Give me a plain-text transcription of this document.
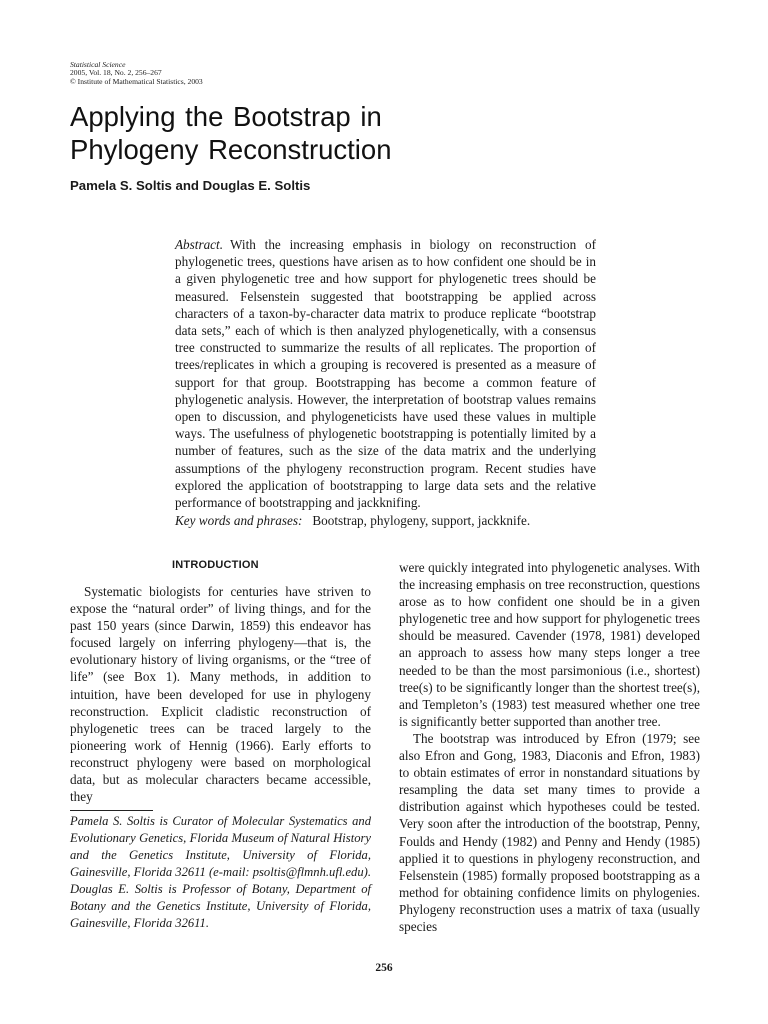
Statistical Science
2005, Vol. 18, No. 2, 256–267
© Institute of Mathematical Statistics, 2003
Applying the Bootstrap in
Phylogeny Reconstruction
Pamela S. Soltis and Douglas E. Soltis
Abstract. With the increasing emphasis in biology on reconstruction of phylogenetic trees, questions have arisen as to how confident one should be in a given phylogenetic tree and how support for phylogenetic trees should be measured. Felsenstein suggested that bootstrapping be applied across characters of a taxon-by-character data matrix to produce replicate “bootstrap data sets,” each of which is then analyzed phylogenetically, with a consensus tree constructed to summarize the results of all replicates. The proportion of trees/replicates in which a grouping is recovered is presented as a measure of support for that group. Bootstrapping has become a common feature of phylogenetic analysis. However, the interpretation of bootstrap values remains open to discussion, and phylogeneticists have used these values in multiple ways. The usefulness of phylogenetic bootstrapping is potentially limited by a number of features, such as the size of the data matrix and the underlying assumptions of the phylogeny reconstruction program. Recent studies have explored the application of bootstrapping to large data sets and the relative performance of bootstrapping and jackknifing.
Key words and phrases: Bootstrap, phylogeny, support, jackknife.
INTRODUCTION

Systematic biologists for centuries have striven to expose the “natural order” of living things, and for the past 150 years (since Darwin, 1859) this endeavor has focused largely on inferring phylogeny—that is, the evolutionary history of living organisms, or the “tree of life” (see Box 1). Many methods, in addition to intuition, have been developed for use in phylogeny reconstruction. Explicit cladistic reconstruction of phylogenetic trees can be traced largely to the pioneering work of Hennig (1966). Early efforts to reconstruct phylogeny were based on morphological data, but as molecular characters became accessible, they

Pamela S. Soltis is Curator of Molecular Systematics and Evolutionary Genetics, Florida Museum of Natural History and the Genetics Institute, University of Florida, Gainesville, Florida 32611 (e-mail: psoltis@flmnh.ufl.edu). Douglas E. Soltis is Professor of Botany, Department of Botany and the Genetics Institute, University of Florida, Gainesville, Florida 32611.

were quickly integrated into phylogenetic analyses. With the increasing emphasis on tree reconstruction, questions arose as to how confident one should be in a given phylogenetic tree and how support for phylogenetic trees should be measured. Cavender (1978, 1981) developed an approach to assess how many steps longer a tree needed to be than the most parsimonious (i.e., shortest) tree(s) to be significantly longer than the shortest tree(s), and Templeton’s (1983) test measured whether one tree is significantly better supported than another tree.

The bootstrap was introduced by Efron (1979; see also Efron and Gong, 1983, Diaconis and Efron, 1983) to obtain estimates of error in nonstandard situations by resampling the data set many times to provide a distribution against which hypotheses could be tested. Very soon after the introduction of the bootstrap, Penny, Foulds and Hendy (1982) and Penny and Hendy (1985) applied it to questions in phylogeny reconstruction, and Felsenstein (1985) formally proposed bootstrapping as a method for obtaining confidence limits on phylogenies. Phylogeny reconstruction uses a matrix of taxa (usually species

256
